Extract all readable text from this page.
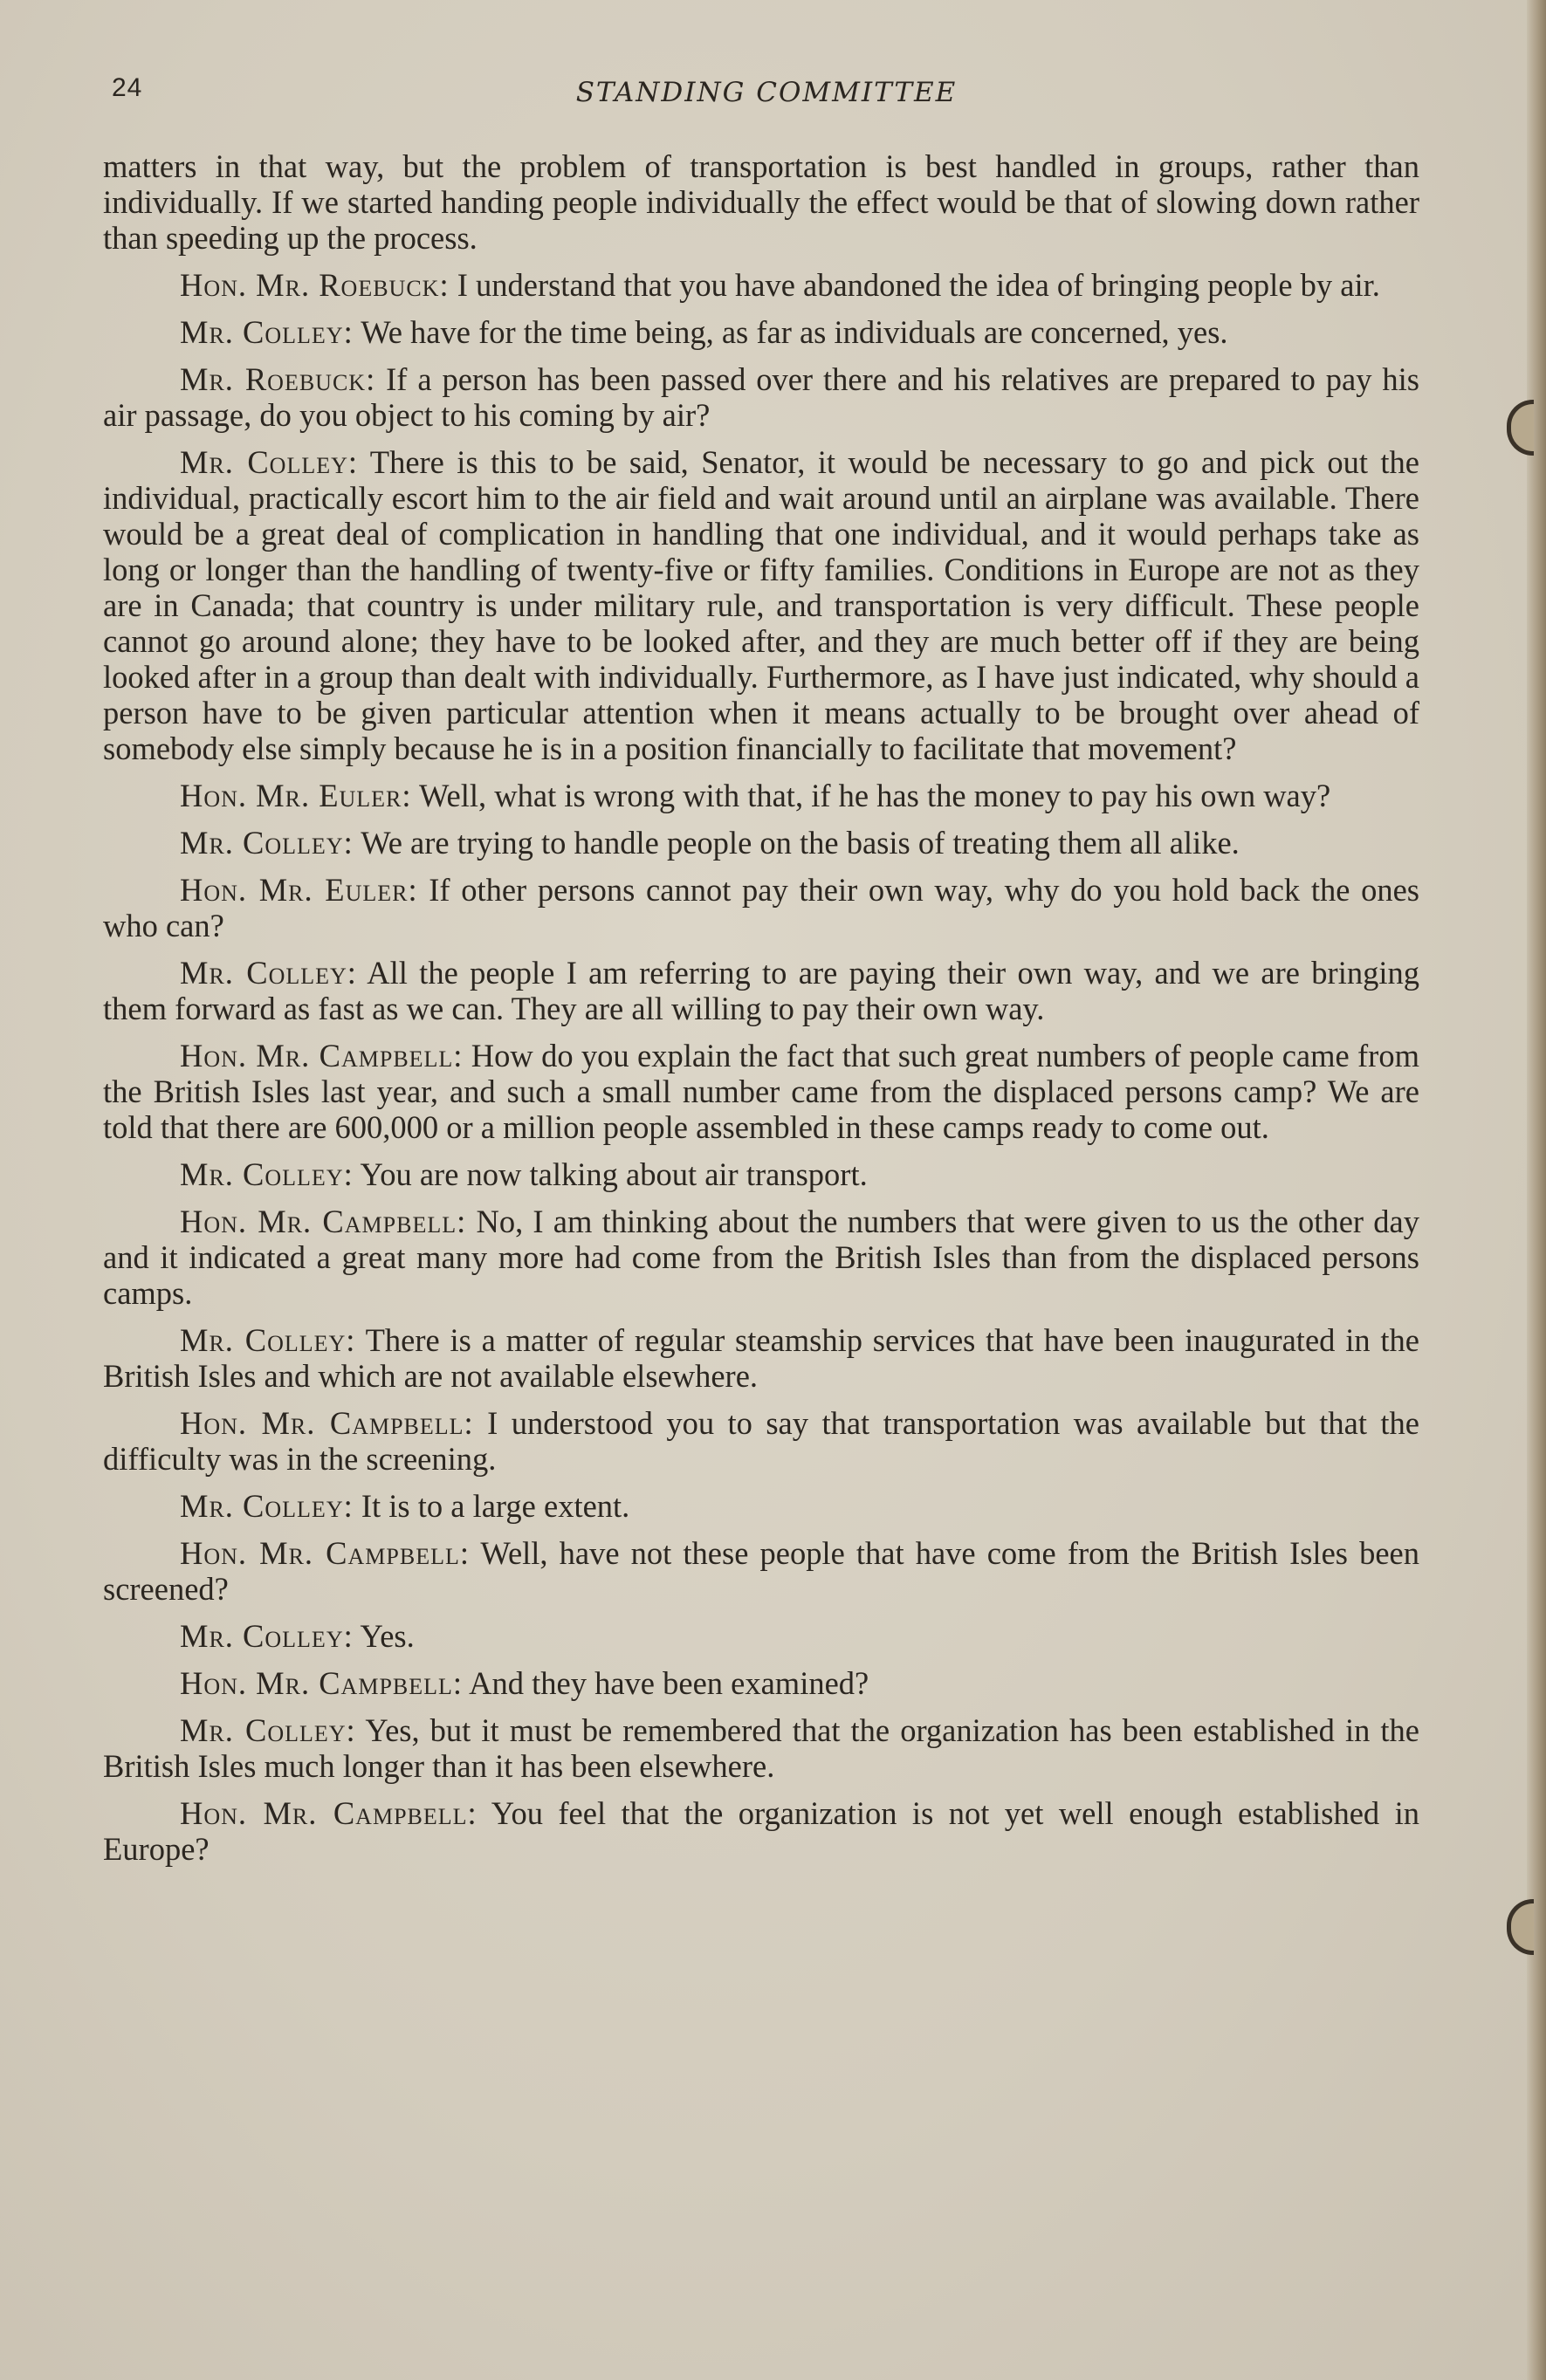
24	STANDING COMMITTEE

matters in that way, but the problem of transportation is best handled in groups, rather than individually. If we started handing people individually the effect would be that of slowing down rather than speeding up the process.

Hon. Mr. Roebuck: I understand that you have abandoned the idea of bringing people by air.

Mr. Colley: We have for the time being, as far as individuals are concerned, yes.

Mr. Roebuck: If a person has been passed over there and his relatives are prepared to pay his air passage, do you object to his coming by air?

Mr. Colley: There is this to be said, Senator, it would be necessary to go and pick out the individual, practically escort him to the air field and wait around until an airplane was available. There would be a great deal of complication in handling that one individual, and it would perhaps take as long or longer than the handling of twenty-five or fifty families. Conditions in Europe are not as they are in Canada; that country is under military rule, and transportation is very difficult. These people cannot go around alone; they have to be looked after, and they are much better off if they are being looked after in a group than dealt with individually. Furthermore, as I have just indicated, why should a person have to be given particular attention when it means actually to be brought over ahead of somebody else simply because he is in a position financially to facilitate that movement?

Hon. Mr. Euler: Well, what is wrong with that, if he has the money to pay his own way?

Mr. Colley: We are trying to handle people on the basis of treating them all alike.

Hon. Mr. Euler: If other persons cannot pay their own way, why do you hold back the ones who can?

Mr. Colley: All the people I am referring to are paying their own way, and we are bringing them forward as fast as we can. They are all willing to pay their own way.

Hon. Mr. Campbell: How do you explain the fact that such great numbers of people came from the British Isles last year, and such a small number came from the displaced persons camp? We are told that there are 600,000 or a million people assembled in these camps ready to come out.

Mr. Colley: You are now talking about air transport.

Hon. Mr. Campbell: No, I am thinking about the numbers that were given to us the other day and it indicated a great many more had come from the British Isles than from the displaced persons camps.

Mr. Colley: There is a matter of regular steamship services that have been inaugurated in the British Isles and which are not available elsewhere.

Hon. Mr. Campbell: I understood you to say that transportation was available but that the difficulty was in the screening.

Mr. Colley: It is to a large extent.

Hon. Mr. Campbell: Well, have not these people that have come from the British Isles been screened?

Mr. Colley: Yes.

Hon. Mr. Campbell: And they have been examined?

Mr. Colley: Yes, but it must be remembered that the organization has been established in the British Isles much longer than it has been elsewhere.

Hon. Mr. Campbell: You feel that the organization is not yet well enough established in Europe?
